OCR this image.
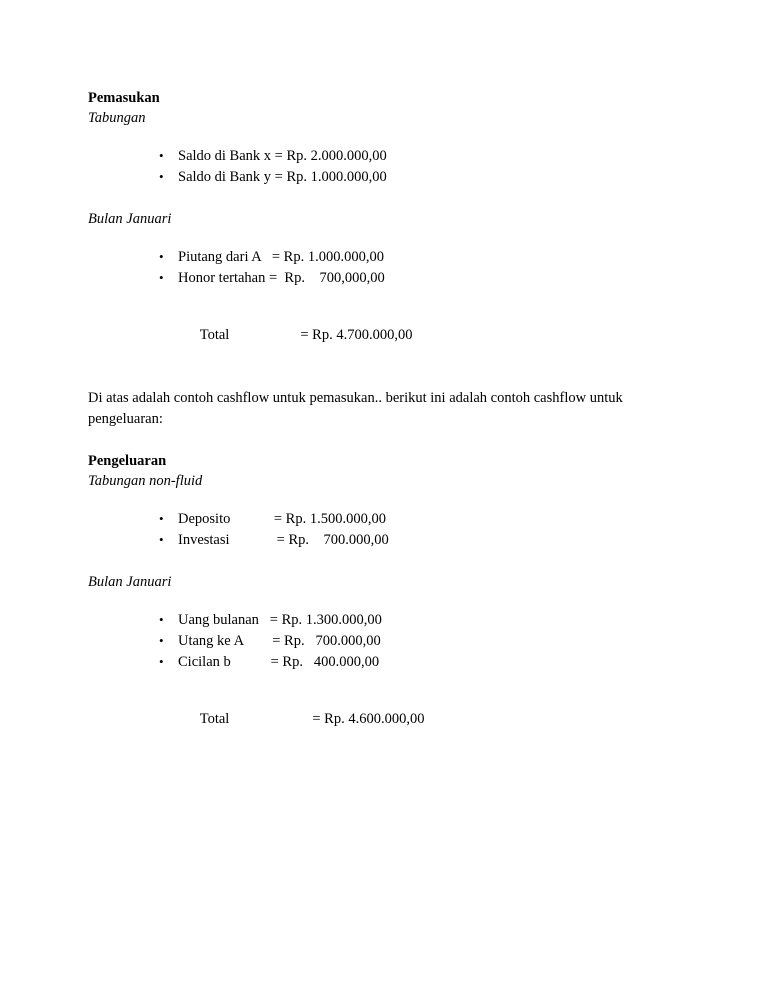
Pemasukan

Tabungan

• Saldo di Bank x = Rp. 2.000.000,00
• Saldo di Bank y = Rp. 1.000.000,00

Bulan Januari

• Piutang dari A   = Rp. 1.000.000,00
• Honor tertahan =  Rp.    700,000,00

Total	= Rp. 4.700.000,00

Di atas adalah contoh cashflow untuk pemasukan.. berikut ini adalah contoh cashflow untuk pengeluaran:

Pengeluaran

Tabungan non-fluid

• Deposito            = Rp. 1.500.000,00
• Investasi             = Rp.    700.000,00

Bulan Januari

• Uang bulanan   = Rp. 1.300.000,00
• Utang ke A        = Rp.   700.000,00
• Cicilan b           = Rp.   400.000,00

Total	= Rp. 4.600.000,00
